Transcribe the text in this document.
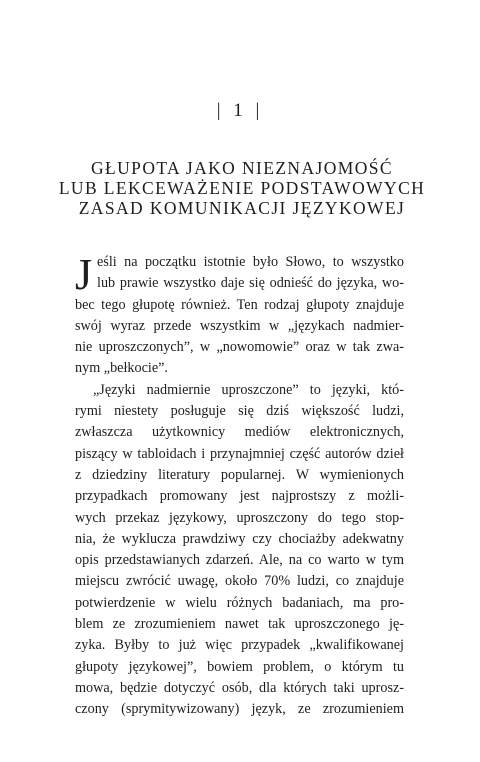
| 1 |
GŁUPOTA JAKO NIEZNAJOMOŚĆ
LUB LEKCEWAŻENIE PODSTAWOWYCH
ZASAD KOMUNIKACJI JĘZYKOWEJ
J eśli na początku istotnie było Słowo, to wszystko
lub prawie wszystko daje się odnieść do języka, wo-
bec tego głupotę również. Ten rodzaj głupoty znajduje
swój wyraz przede wszystkim w „językach nadmier-
nie uproszczonych”, w „nowomowie” oraz w tak zwa-
nym „bełkocie”.
„Języki nadmiernie uproszczone” to języki, któ-
rymi niestety posługuje się dziś większość ludzi,
zwłaszcza użytkownicy mediów elektronicznych,
piszący w tabloidach i przynajmniej część autorów dzieł
z dziedziny literatury popularnej. W wymienionych
przypadkach promowany jest najprostszy z możli-
wych przekaz językowy, uproszczony do tego stop-
nia, że wyklucza prawdziwy czy chociażby adekwatny
opis przedstawianych zdarzeń. Ale, na co warto w tym
miejscu zwrócić uwagę, około 70% ludzi, co znajduje
potwierdzenie w wielu różnych badaniach, ma pro-
blem ze zrozumieniem nawet tak uproszczonego ję-
zyka. Byłby to już więc przypadek „kwalifikowanej
głupoty językowej”, bowiem problem, o którym tu
mowa, będzie dotyczyć osób, dla których taki uprosz-
czony (sprymitywizowany) język, ze zrozumieniem
